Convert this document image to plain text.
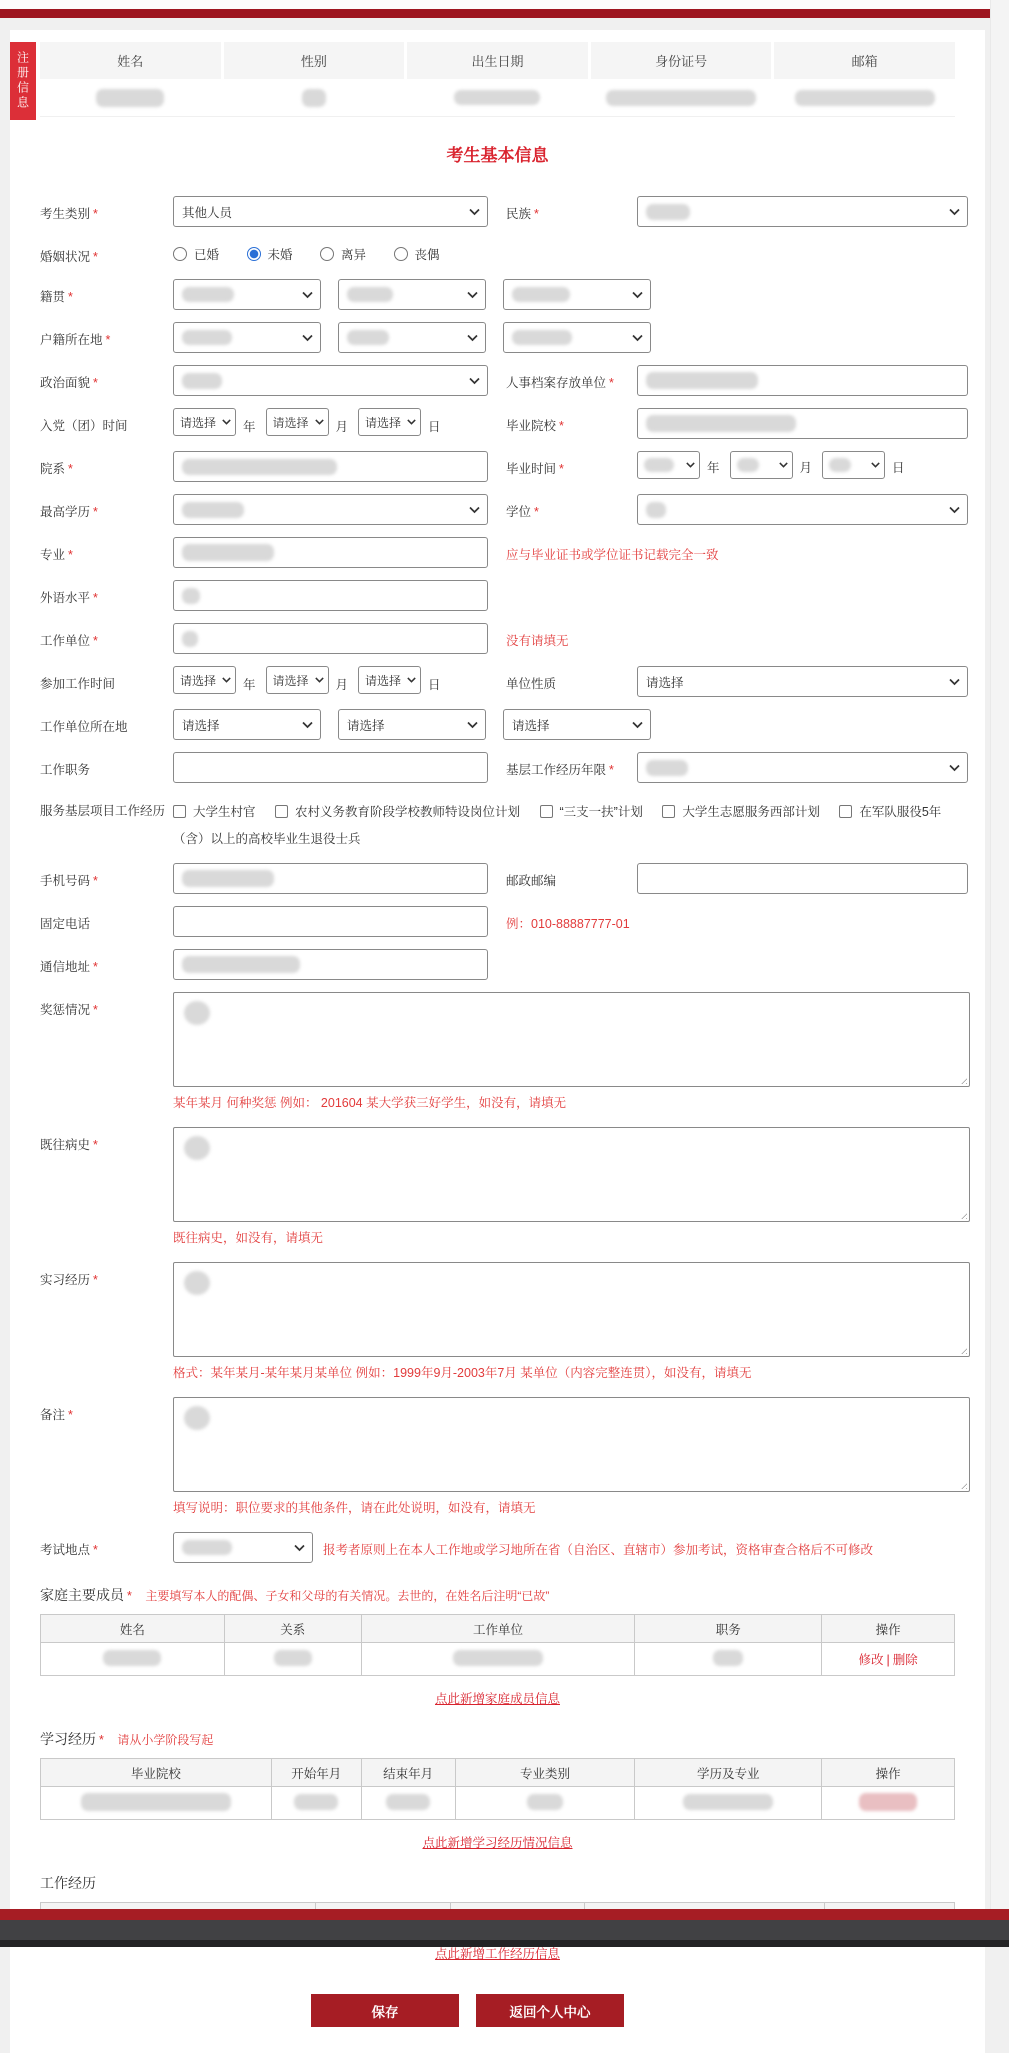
注册信息	姓名	性别	出生日期	身份证号	邮箱
考生基本信息
考生类别 *	其他人员	民族 *
婚姻状况 *	已婚
	未婚
	离异
	丧偶
籍贯 *
户籍所在地 *
政治面貌 *	人事档案存放单位 *
入党（团）时间	请选择	年	请选择	月	请选择	日	毕业院校 *
院系 *	毕业时间 *	年	月	日
最高学历 *	学位 *
专业 *	应与毕业证书或学位证书记载完全一致
外语水平 *
工作单位 *	没有请填无
参加工作时间	请选择	年	请选择	月	请选择	日	单位性质	请选择
工作单位所在地	请选择	请选择	请选择
工作职务	基层工作经历年限 *
服务基层项目工作经历	大学生村官	农村义务教育阶段学校教师特设岗位计划	“三支一扶”计划	大学生志愿服务西部计划	在军队服役5年（含）以上的高校毕业生退役士兵
手机号码 *	邮政邮编
固定电话	例：010-88887777-01
通信地址 *
奖惩情况 *
某年某月 何种奖惩 例如： 201604 某大学获三好学生，如没有，请填无
既往病史 *
既往病史，如没有，请填无
实习经历 *
格式：某年某月-某年某月某单位 例如：1999年9月-2003年7月 某单位（内容完整连贯），如没有，请填无
备注 *
填写说明：职位要求的其他条件，请在此处说明，如没有，请填无
考试地点 *	报考者原则上在本人工作地或学习地所在省（自治区、直辖市）参加考试，资格审查合格后不可修改
家庭主要成员 * 主要填写本人的配偶、子女和父母的有关情况。去世的，在姓名后注明“已故”
姓名	关系	工作单位	职务	操作
				修改 | 删除
点此新增家庭成员信息
学习经历 * 请从小学阶段写起
毕业院校	开始年月	结束年月	专业类别	学历及专业	操作

点此新增学习经历情况信息
工作经历

点此新增工作经历信息
保存	返回个人中心
